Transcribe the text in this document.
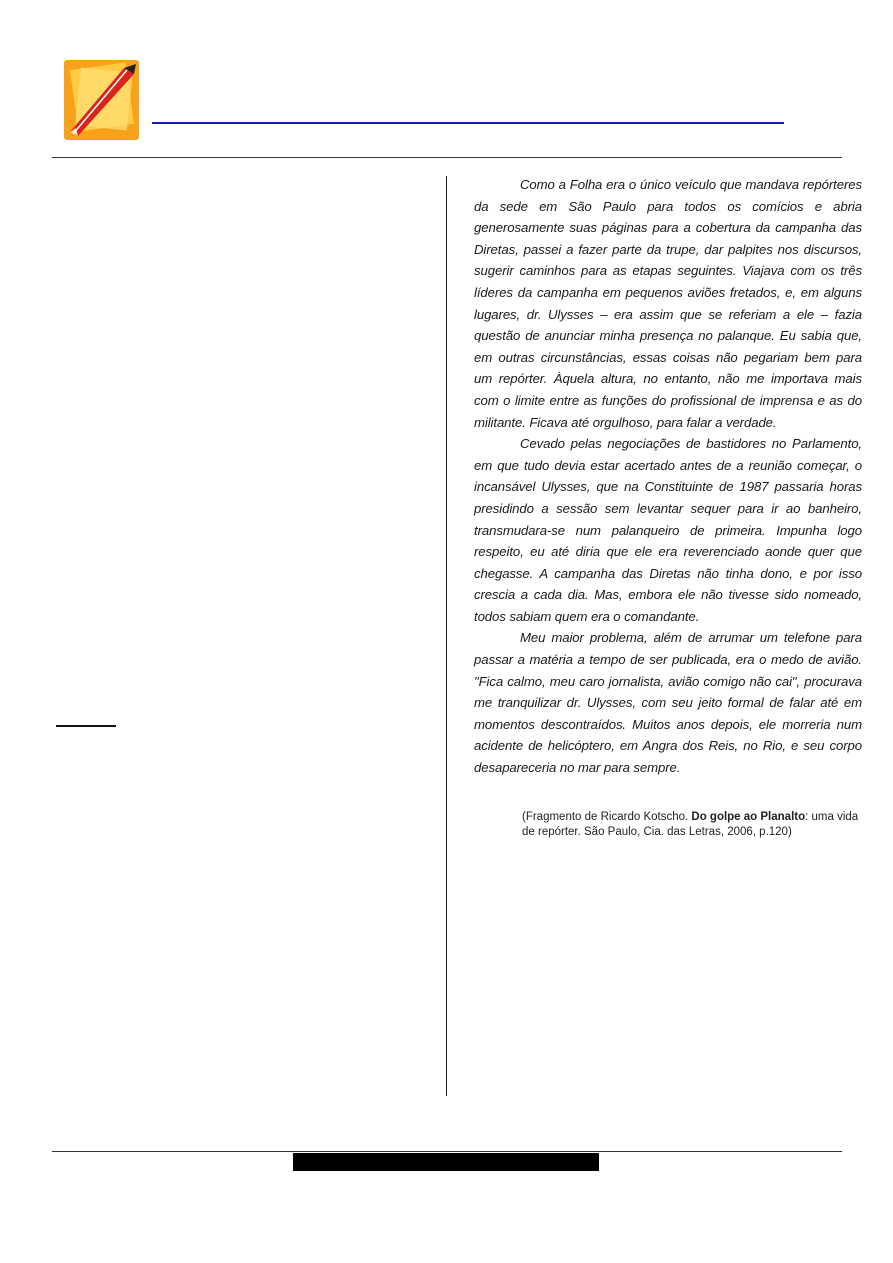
Como a Folha era o único veículo que mandava repórteres da sede em São Paulo para todos os comícios e abria generosamente suas páginas para a cobertura da campanha das Diretas, passei a fazer parte da trupe, dar palpites nos discursos, sugerir caminhos para as etapas seguintes. Viajava com os três líderes da campanha em pequenos aviões fretados, e, em alguns lugares, dr. Ulysses – era assim que se referiam a ele – fazia questão de anunciar minha presença no palanque. Eu sabia que, em outras circunstâncias, essas coisas não pegariam bem para um repórter. Àquela altura, no entanto, não me importava mais com o limite entre as funções do profissional de imprensa e as do militante. Ficava até orgulhoso, para falar a verdade.

Cevado pelas negociações de bastidores no Parlamento, em que tudo devia estar acertado antes de a reunião começar, o incansável Ulysses, que na Constituinte de 1987 passaria horas presidindo a sessão sem levantar sequer para ir ao banheiro, transmudara-se num palanqueiro de primeira. Impunha logo respeito, eu até diria que ele era reverenciado aonde quer que chegasse. A campanha das Diretas não tinha dono, e por isso crescia a cada dia. Mas, embora ele não tivesse sido nomeado, todos sabiam quem era o comandante.

Meu maior problema, além de arrumar um telefone para passar a matéria a tempo de ser publicada, era o medo de avião. "Fica calmo, meu caro jornalista, avião comigo não cai", procurava me tranquilizar dr. Ulysses, com seu jeito formal de falar até em momentos descontraídos. Muitos anos depois, ele morreria num acidente de helicóptero, em Angra dos Reis, no Rio, e seu corpo desapareceria no mar para sempre.

(Fragmento de Ricardo Kotscho. Do golpe ao Planalto: uma vida de repórter. São Paulo, Cia. das Letras, 2006, p.120)
